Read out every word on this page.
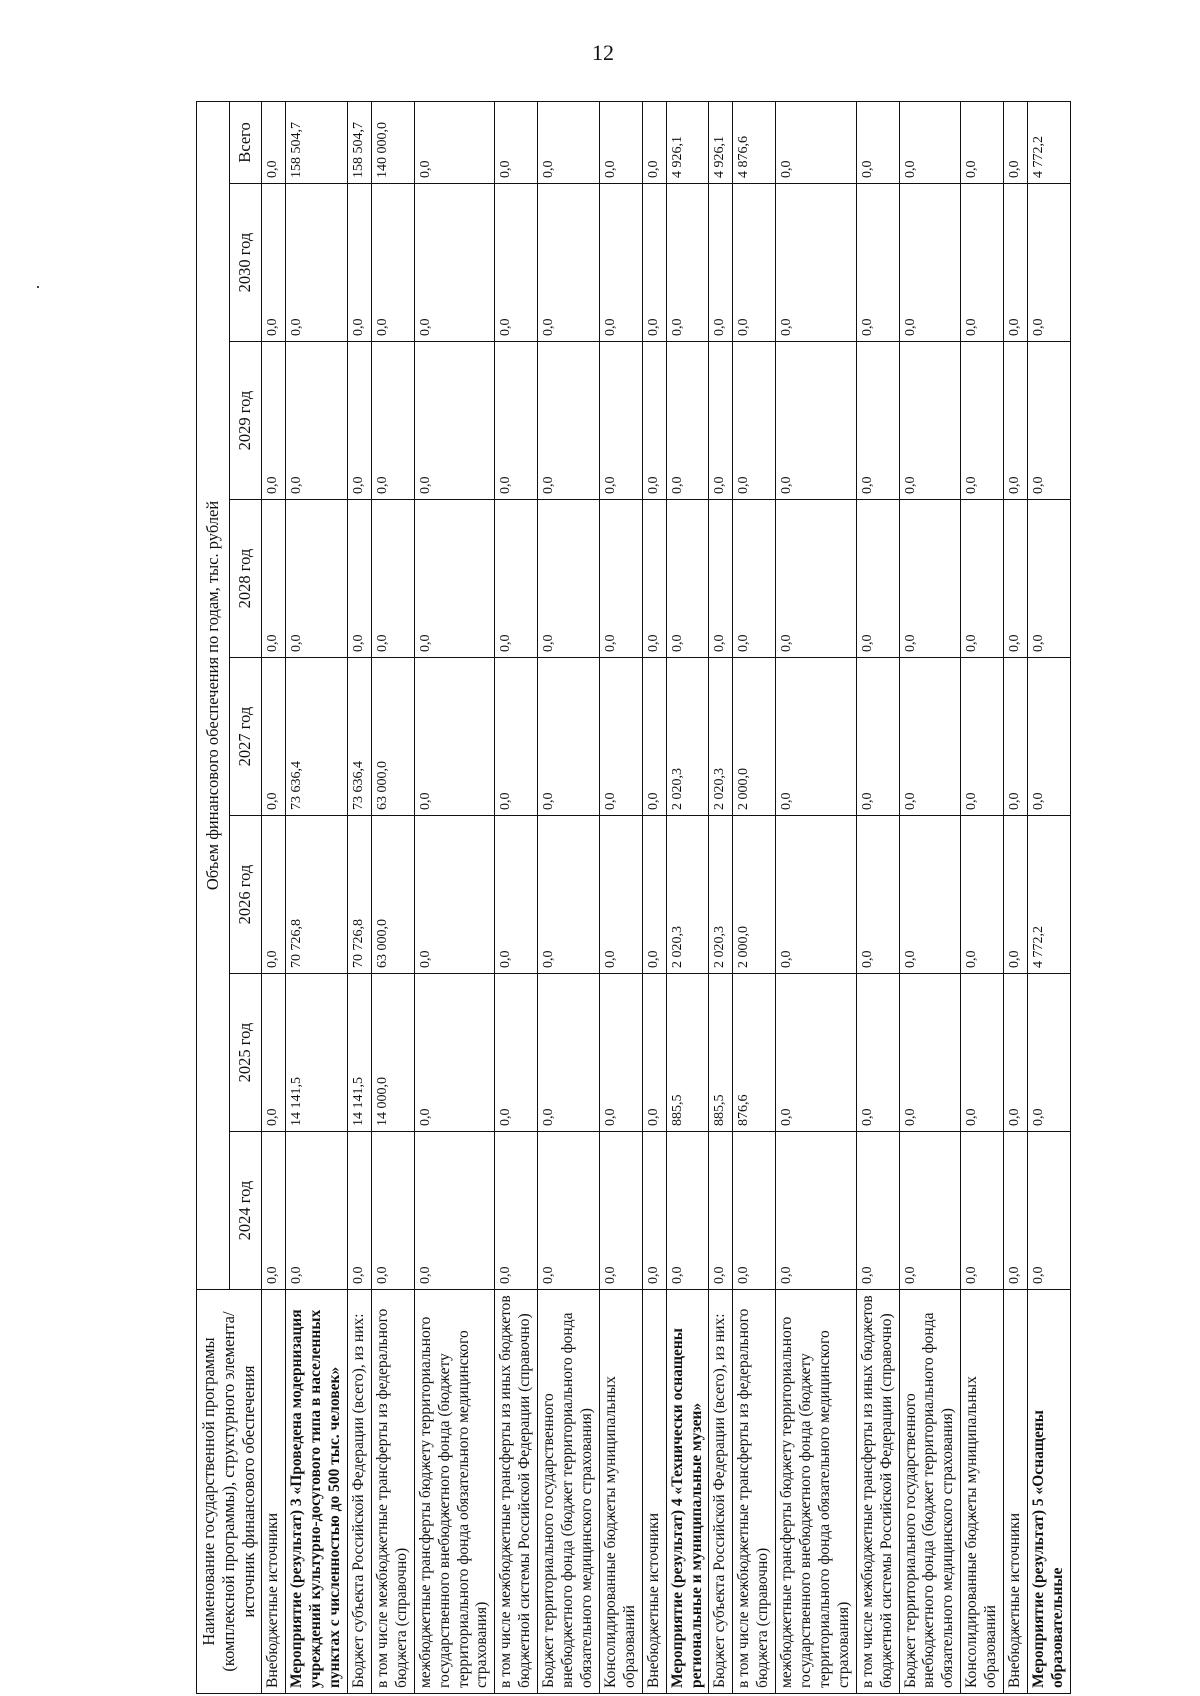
12
Наименование государственной программы (комплексной программы), структурного элемента/источник финансового обеспечения	Объем финансового обеспечения по годам, тыс. рублей							
	2024 год	2025 год	2026 год	2027 год	2028 год	2029 год	2030 год	Всего
Внебюджетные источники	0,0	0,0	0,0	0,0	0,0	0,0	0,0	0,0
Мероприятие (результат) 3 «Проведена модернизация учреждений культурно-досугового типа в населенных пунктах с численностью до 500 тыс. человек»	0,0	14 141,5	70 726,8	73 636,4	0,0	0,0	0,0	158 504,7
Бюджет субъекта Российской Федерации (всего), из них:	0,0	14 141,5	70 726,8	73 636,4	0,0	0,0	0,0	158 504,7
в том числе межбюджетные трансферты из федерального бюджета (справочно)	0,0	14 000,0	63 000,0	63 000,0	0,0	0,0	0,0	140 000,0
межбюджетные трансферты бюджету территориального государственного внебюджетного фонда (бюджету территориального фонда обязательного медицинского страхования)	0,0	0,0	0,0	0,0	0,0	0,0	0,0	0,0
в том числе межбюджетные трансферты из иных бюджетов бюджетной системы Российской Федерации (справочно)	0,0	0,0	0,0	0,0	0,0	0,0	0,0	0,0
Бюджет территориального государственного внебюджетного фонда (бюджет территориального фонда обязательного медицинского страхования)	0,0	0,0	0,0	0,0	0,0	0,0	0,0	0,0
Консолидированные бюджеты муниципальных образований	0,0	0,0	0,0	0,0	0,0	0,0	0,0	0,0
Внебюджетные источники	0,0	0,0	0,0	0,0	0,0	0,0	0,0	0,0
Мероприятие (результат) 4 «Технически оснащены региональные и муниципальные музеи»	0,0	885,5	2 020,3	2 020,3	0,0	0,0	0,0	4 926,1
Бюджет субъекта Российской Федерации (всего), из них:	0,0	885,5	2 020,3	2 020,3	0,0	0,0	0,0	4 926,1
в том числе межбюджетные трансферты из федерального бюджета (справочно)	0,0	876,6	2 000,0	2 000,0	0,0	0,0	0,0	4 876,6
межбюджетные трансферты бюджету территориального государственного внебюджетного фонда (бюджету территориального фонда обязательного медицинского страхования)	0,0	0,0	0,0	0,0	0,0	0,0	0,0	0,0
в том числе межбюджетные трансферты из иных бюджетов бюджетной системы Российской Федерации (справочно)	0,0	0,0	0,0	0,0	0,0	0,0	0,0	0,0
Бюджет территориального государственного внебюджетного фонда (бюджет территориального фонда обязательного медицинского страхования)	0,0	0,0	0,0	0,0	0,0	0,0	0,0	0,0
Консолидированные бюджеты муниципальных образований	0,0	0,0	0,0	0,0	0,0	0,0	0,0	0,0
Внебюджетные источники	0,0	0,0	0,0	0,0	0,0	0,0	0,0	0,0
Мероприятие (результат) 5 «Оснащены образовательные	0,0	0,0	4 772,2	0,0	0,0	0,0	0,0	4 772,2
